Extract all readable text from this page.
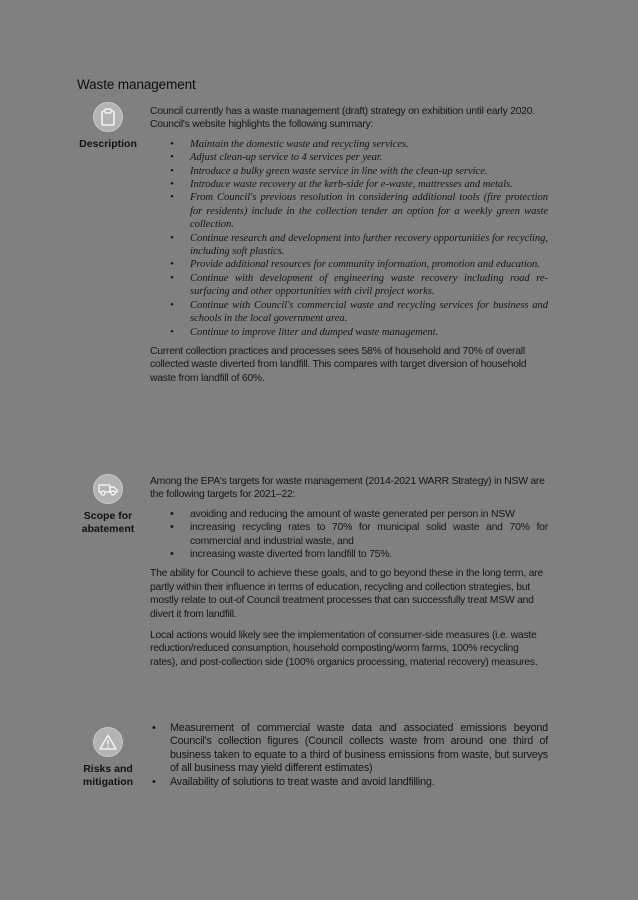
Waste management
Description

Council currently has a waste management (draft) strategy on exhibition until early 2020. Council's website highlights the following summary:

• Maintain the domestic waste and recycling services.
• Adjust clean-up service to 4 services per year.
• Introduce a bulky green waste service in line with the clean-up service.
• Introduce waste recovery at the kerb-side for e-waste, mattresses and metals.
• From Council's previous resolution in considering additional tools (fire protection for residents) include in the collection tender an option for a weekly green waste collection.
• Continue research and development into further recovery opportunities for recycling, including soft plastics.
• Provide additional resources for community information, promotion and education.
• Continue with development of engineering waste recovery including road re-surfacing and other opportunities with civil project works.
• Continue with Council's commercial waste and recycling services for business and schools in the local government area.
• Continue to improve litter and dumped waste management.

Current collection practices and processes sees 58% of household and 70% of overall collected waste diverted from landfill. This compares with target diversion of household waste from landfill of 60%.

Scope for
abatement

Among the EPA's targets for waste management (2014-2021 WARR Strategy) in NSW are the following targets for 2021–22:

• avoiding and reducing the amount of waste generated per person in NSW
• increasing recycling rates to 70% for municipal solid waste and 70% for commercial and industrial waste, and
• increasing waste diverted from landfill to 75%.

The ability for Council to achieve these goals, and to go beyond these in the long term, are partly within their influence in terms of education, recycling and collection strategies, but mostly relate to out-of Council treatment processes that can successfully treat MSW and divert it from landfill.

Local actions would likely see the implementation of consumer-side measures (i.e. waste reduction/reduced consumption, household composting/worm farms, 100% recycling rates), and post-collection side (100% organics processing, material recovery) measures.

Risks and
mitigation
• Measurement of commercial waste data and associated emissions beyond Council's collection figures (Council collects waste from around one third of business taken to equate to a third of business emissions from waste, but surveys of all business may yield different estimates)
• Availability of solutions to treat waste and avoid landfilling.
